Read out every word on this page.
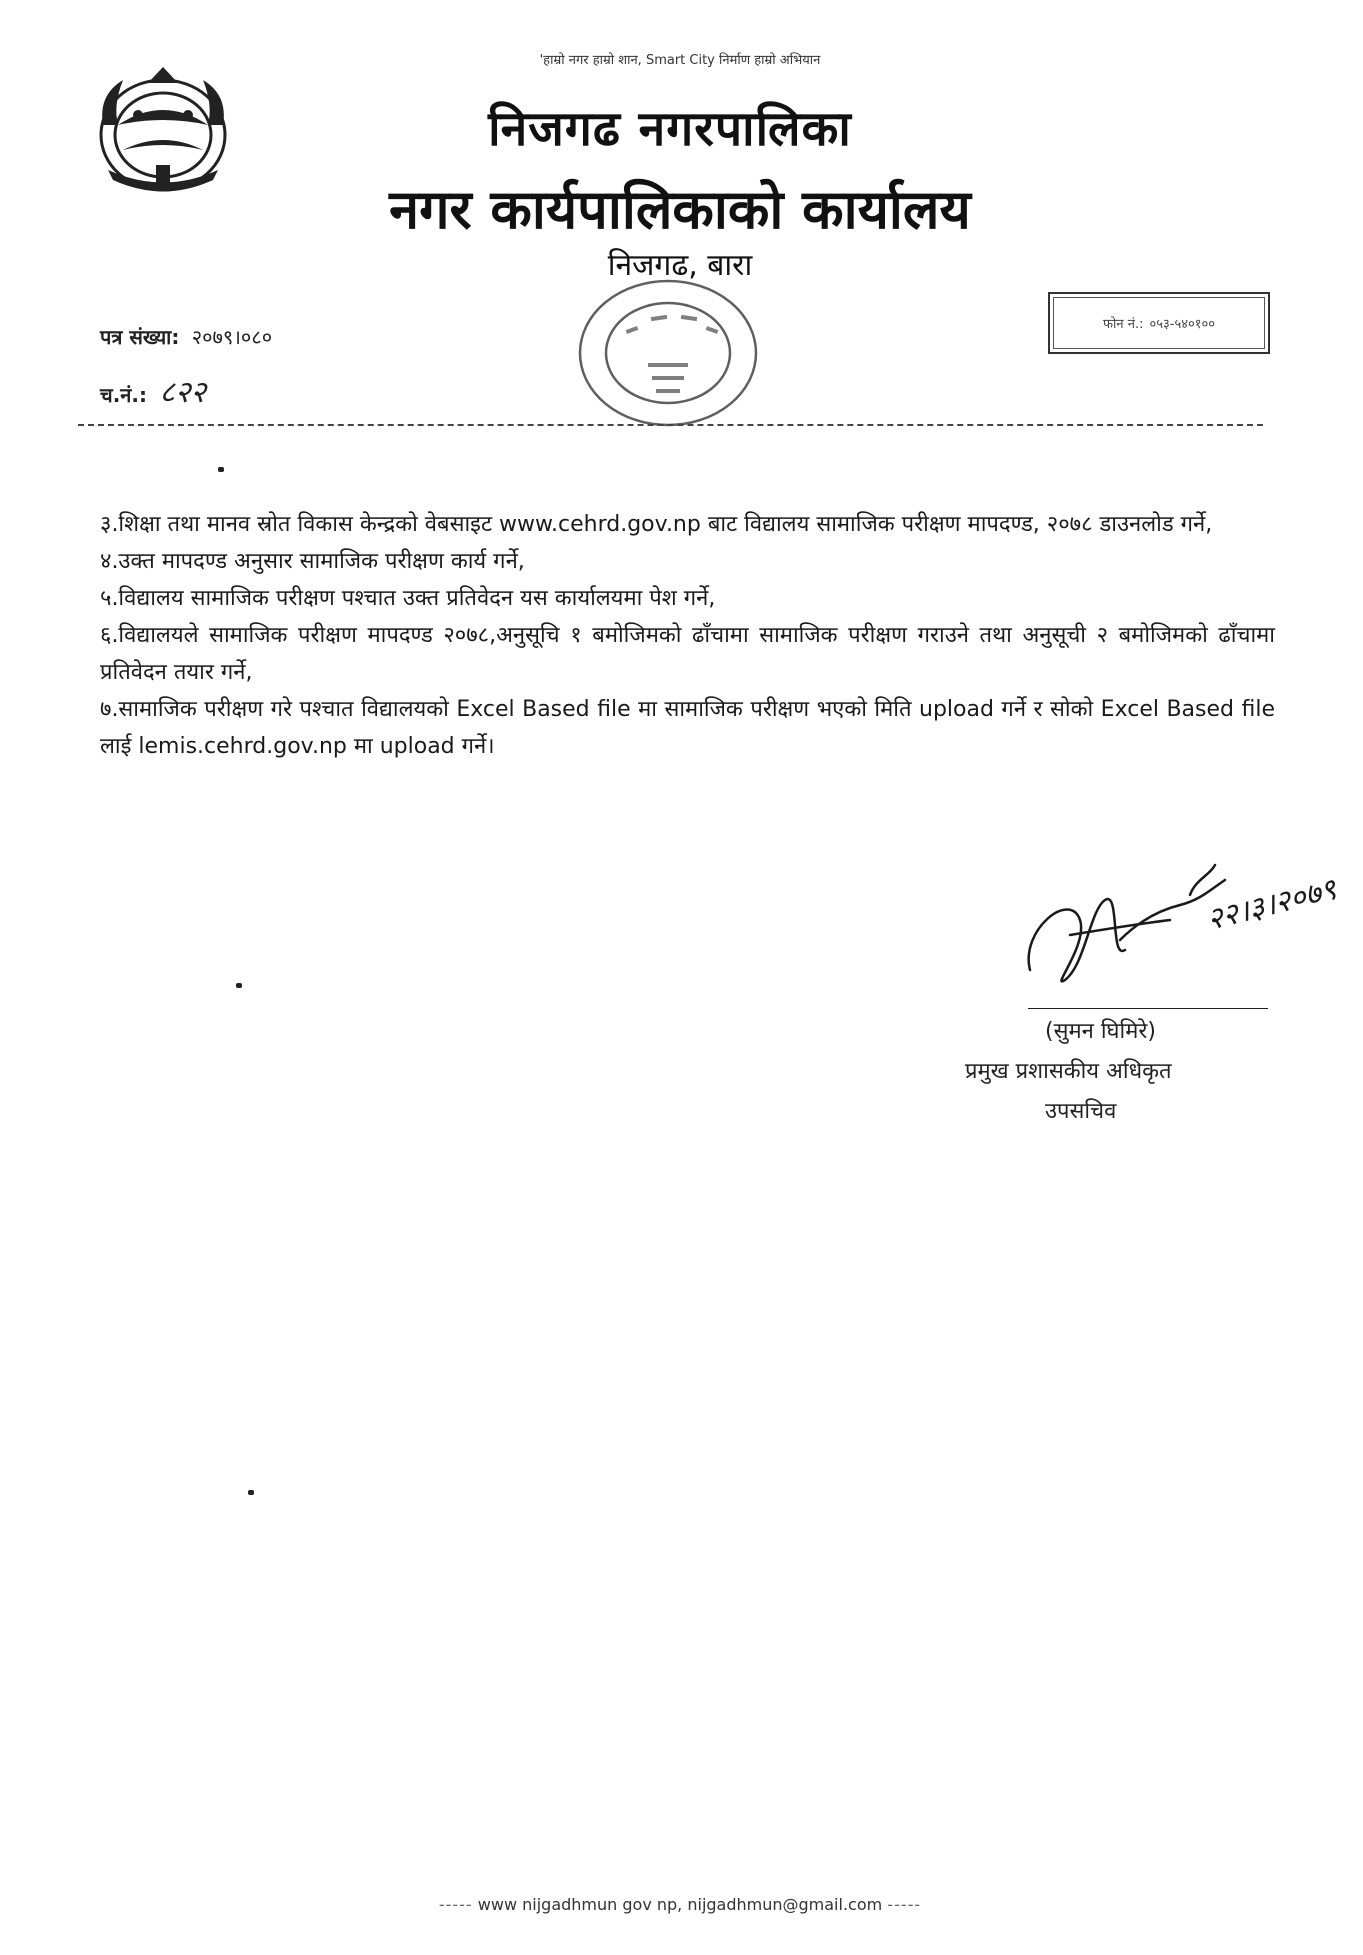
'हाम्रो नगर हाम्रो शान, Smart City निर्माण हाम्रो अभियान
निजगढ नगरपालिका
नगर कार्यपालिकाको कार्यालय
निजगढ, बारा
फोन नं.: ०५३-५४०१००
पत्र संख्या: २०७९।०८०
च.नं.: ८२२

३.शिक्षा तथा मानव स्रोत विकास केन्द्रको वेबसाइट www.cehrd.gov.np बाट विद्यालय सामाजिक परीक्षण मापदण्ड, २०७८ डाउनलोड गर्ने,

४.उक्त मापदण्ड अनुसार सामाजिक परीक्षण कार्य गर्ने,

५.विद्यालय सामाजिक परीक्षण पश्चात उक्त प्रतिवेदन यस कार्यालयमा पेश गर्ने,

६.विद्यालयले सामाजिक परीक्षण मापदण्ड २०७८,अनुसूचि १ बमोजिमको ढाँचामा सामाजिक परीक्षण गराउने तथा अनुसूची २ बमोजिमको ढाँचामा प्रतिवेदन तयार गर्ने,

७.सामाजिक परीक्षण गरे पश्चात विद्यालयको Excel Based file मा सामाजिक परीक्षण भएको मिति upload गर्ने र सोको Excel Based file लाई lemis.cehrd.gov.np मा upload गर्ने।

२२।३।२०७९
(सुमन घिमिरे)
प्रमुख प्रशासकीय अधिकृत
उपसचिव
----- www nijgadhmun gov np, nijgadhmun@gmail.com -----
